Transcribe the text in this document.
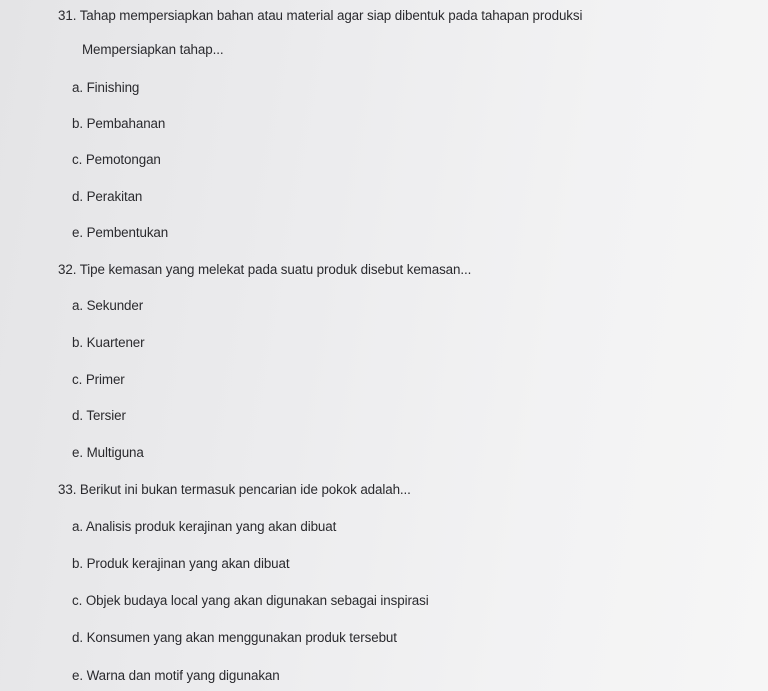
31. Tahap mempersiapkan bahan atau material agar siap dibentuk pada tahapan produksi
Mempersiapkan tahap...
a. Finishing
b. Pembahanan
c. Pemotongan
d. Perakitan
e. Pembentukan
32. Tipe kemasan yang melekat pada suatu produk disebut kemasan...
a. Sekunder
b. Kuartener
c. Primer
d. Tersier
e. Multiguna
33. Berikut ini bukan termasuk pencarian ide pokok adalah...
a. Analisis produk kerajinan yang akan dibuat
b. Produk kerajinan yang akan dibuat
c. Objek budaya local yang akan digunakan sebagai inspirasi
d. Konsumen yang akan menggunakan produk tersebut
e. Warna dan motif yang digunakan
